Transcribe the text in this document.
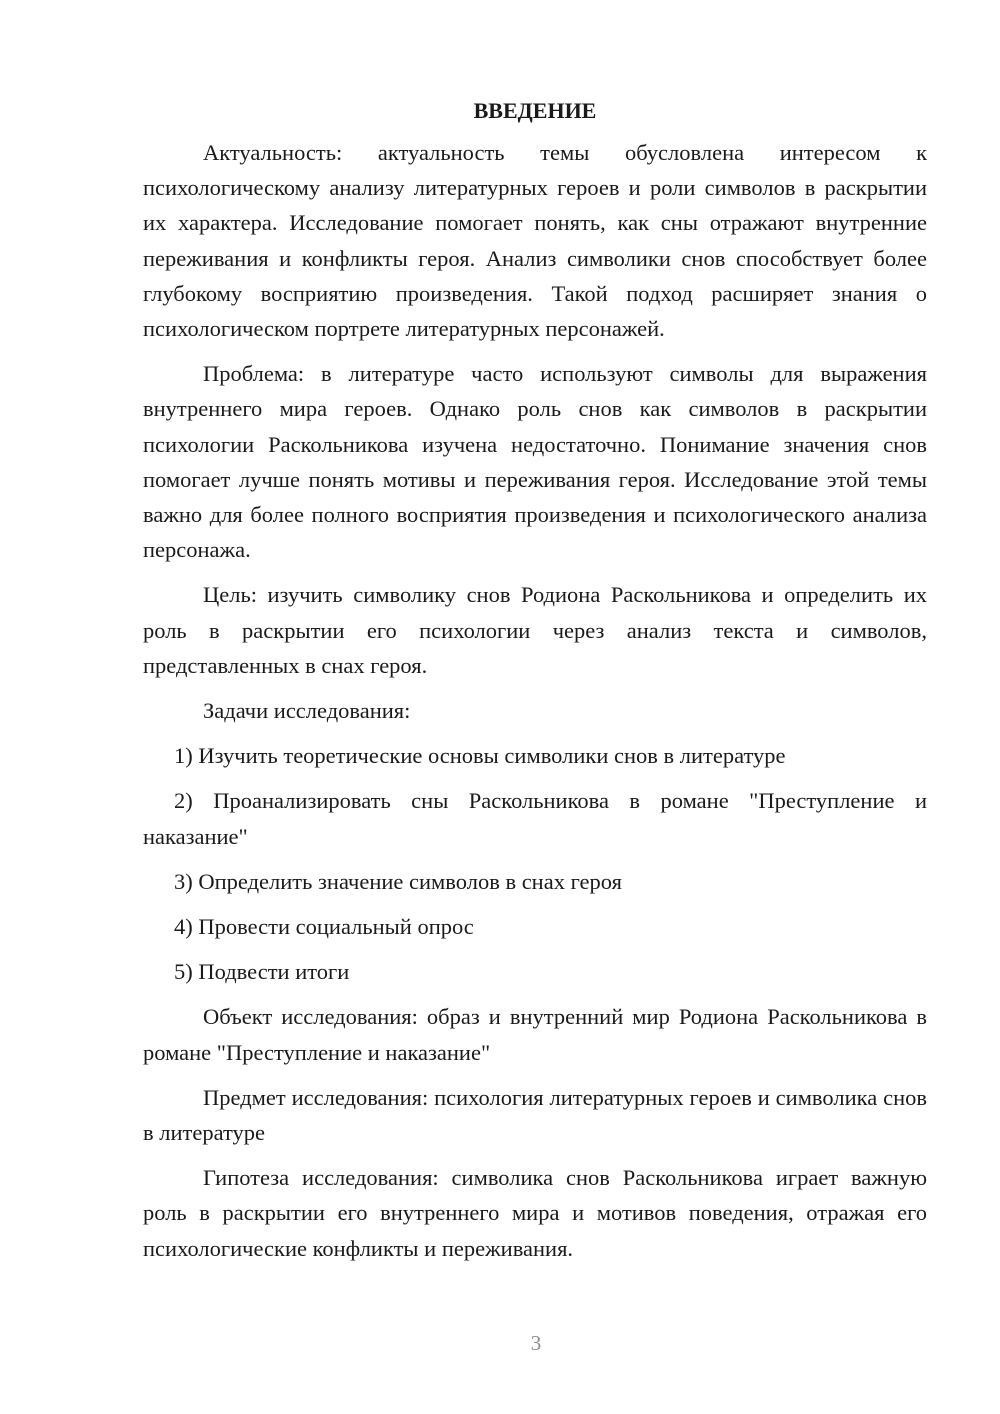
ВВЕДЕНИЕ

Актуальность: актуальность темы обусловлена интересом к психологическому анализу литературных героев и роли символов в раскрытии их характера. Исследование помогает понять, как сны отражают внутренние переживания и конфликты героя. Анализ символики снов способствует более глубокому восприятию произведения. Такой подход расширяет знания о психологическом портрете литературных персонажей.

Проблема: в литературе часто используют символы для выражения внутреннего мира героев. Однако роль снов как символов в раскрытии психологии Раскольникова изучена недостаточно. Понимание значения снов помогает лучше понять мотивы и переживания героя. Исследование этой темы важно для более полного восприятия произведения и психологического анализа персонажа.

Цель: изучить символику снов Родиона Раскольникова и определить их роль в раскрытии его психологии через анализ текста и символов, представленных в снах героя.

Задачи исследования:

1) Изучить теоретические основы символики снов в литературе

2) Проанализировать сны Раскольникова в романе "Преступление и наказание"

3) Определить значение символов в снах героя

4) Провести социальный опрос

5) Подвести итоги

Объект исследования: образ и внутренний мир Родиона Раскольникова в романе "Преступление и наказание"

Предмет исследования: психология литературных героев и символика снов в литературе

Гипотеза исследования: символика снов Раскольникова играет важную роль в раскрытии его внутреннего мира и мотивов поведения, отражая его психологические конфликты и переживания.

3
